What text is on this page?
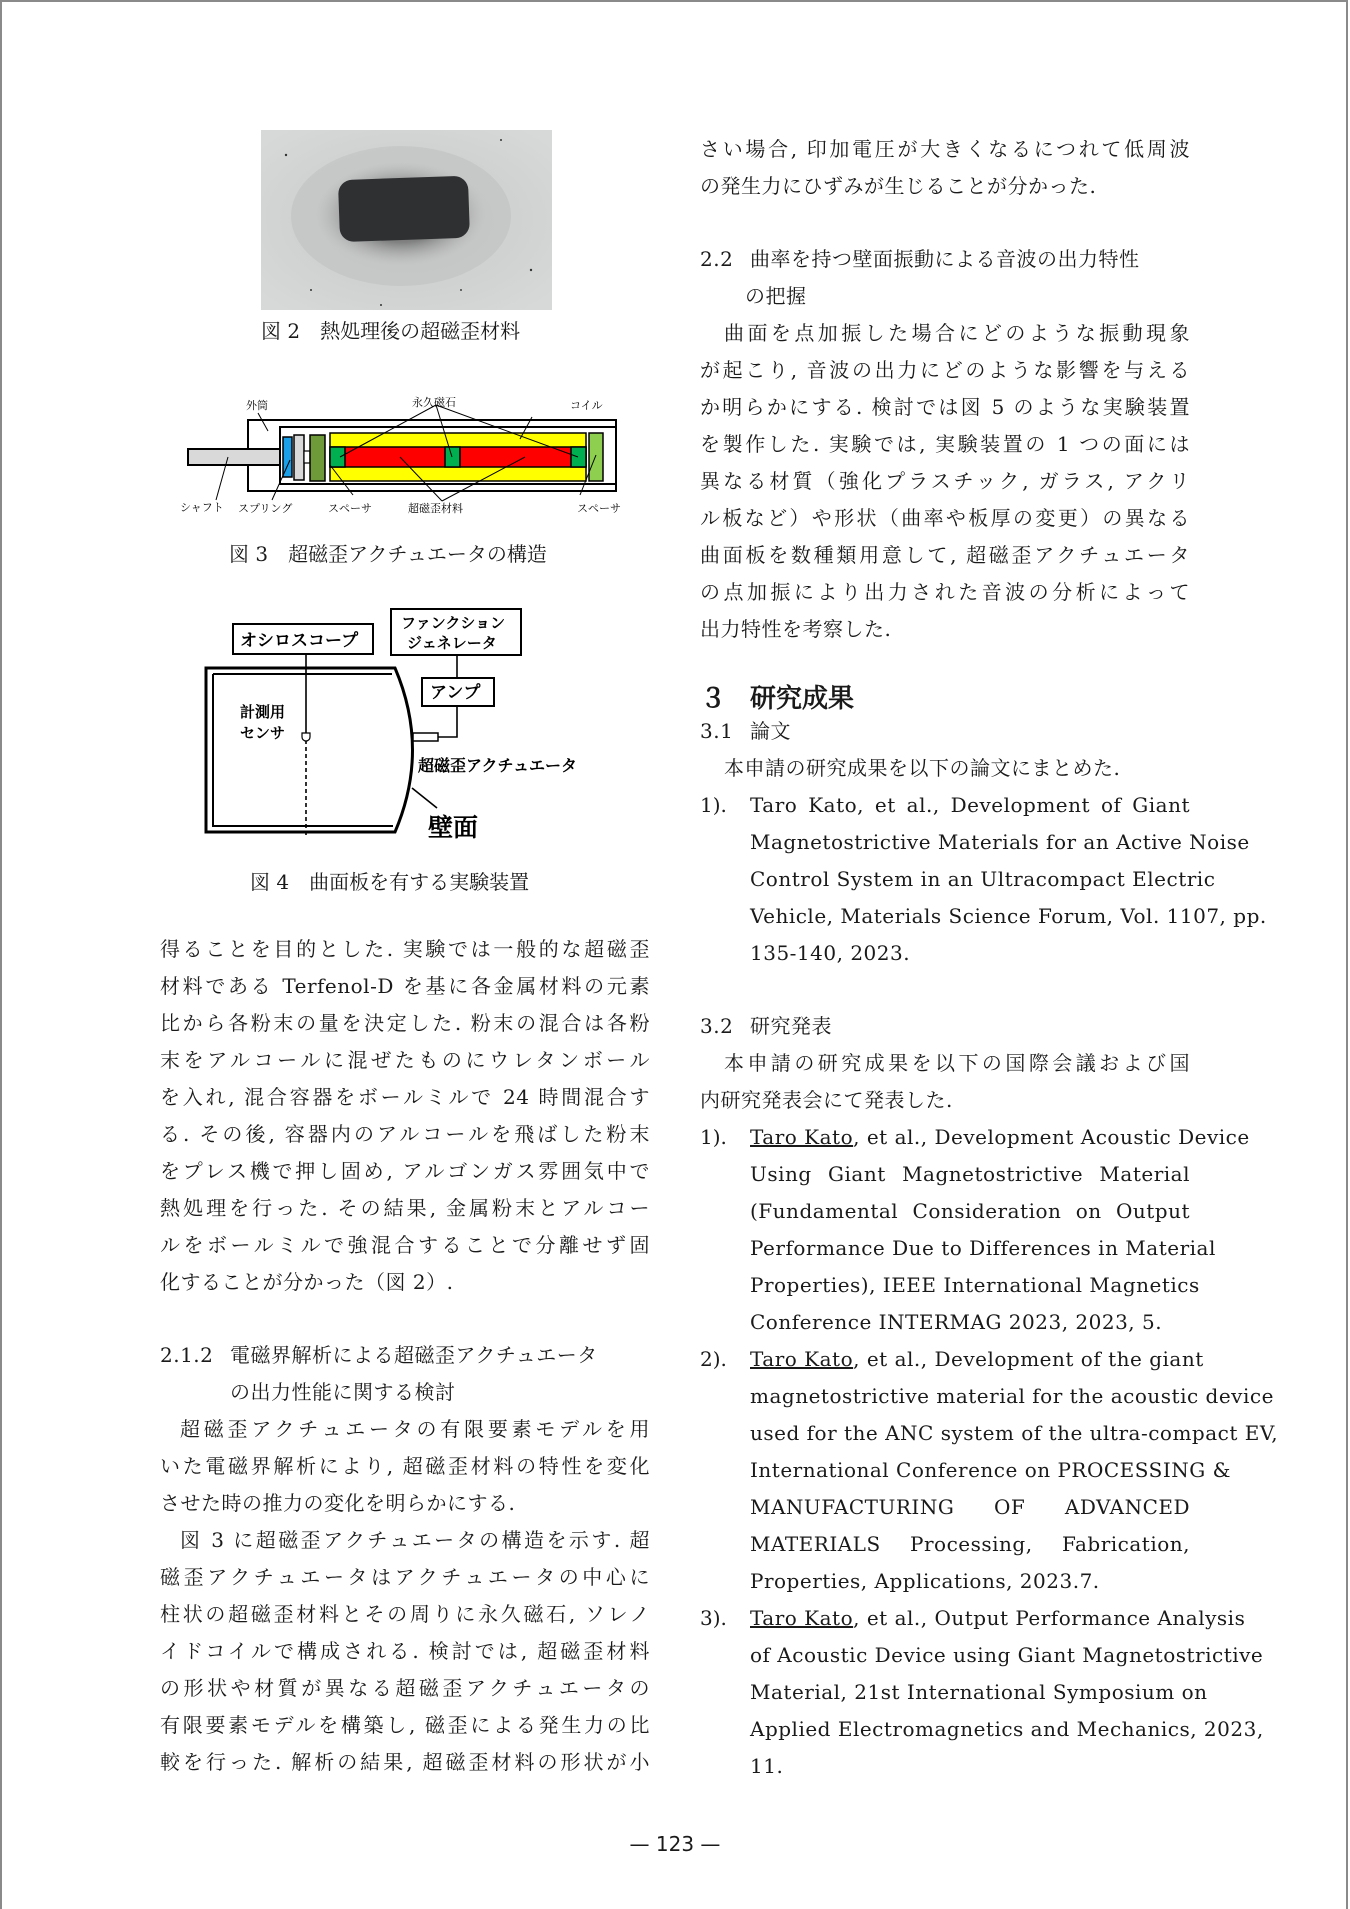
図 2　熱処理後の超磁歪材料
外筒	永久磁石	コイル
シャフト スプリング	スペーサ	超磁歪材料	スペーサ
図 3　超磁歪アクチュエータの構造
オシロスコープ
ファンクション
ジェネレータ
アンプ
計測用
センサ
超磁歪アクチュエータ
壁面
図 4　曲面板を有する実験装置
得ることを目的とした. 実験では一般的な超磁歪
材料である Terfenol-D を基に各金属材料の元素
比から各粉末の量を決定した. 粉末の混合は各粉
末をアルコールに混ぜたものにウレタンボール
を入れ, 混合容器をボールミルで 24 時間混合す
る. その後, 容器内のアルコールを飛ばした粉末
をプレス機で押し固め, アルゴンガス雰囲気中で
熱処理を行った. その結果, 金属粉末とアルコー
ルをボールミルで強混合することで分離せず固
化することが分かった（図 2）.
2.1.2 電磁界解析による超磁歪アクチュエータ
の出力性能に関する検討
超磁歪アクチュエータの有限要素モデルを用
いた電磁界解析により, 超磁歪材料の特性を変化
させた時の推力の変化を明らかにする.
図 3 に超磁歪アクチュエータの構造を示す. 超
磁歪アクチュエータはアクチュエータの中心に
柱状の超磁歪材料とその周りに永久磁石, ソレノ
イドコイルで構成される. 検討では, 超磁歪材料
の形状や材質が異なる超磁歪アクチュエータの
有限要素モデルを構築し, 磁歪による発生力の比
較を行った. 解析の結果, 超磁歪材料の形状が小
さい場合, 印加電圧が大きくなるにつれて低周波
の発生力にひずみが生じることが分かった.
2.2 曲率を持つ壁面振動による音波の出力特性
の把握
曲面を点加振した場合にどのような振動現象
が起こり, 音波の出力にどのような影響を与える
か明らかにする. 検討では図 5 のような実験装置
を製作した. 実験では, 実験装置の 1 つの面には
異なる材質（強化プラスチック, ガラス, アクリ
ル板など）や形状（曲率や板厚の変更）の異なる
曲面板を数種類用意して, 超磁歪アクチュエータ
の点加振により出力された音波の分析によって
出力特性を考察した.
３ 研究成果
3.1 論文
本申請の研究成果を以下の論文にまとめた.
1). Taro Kato, et al., Development of Giant
Magnetostrictive Materials for an Active Noise
Control System in an Ultracompact Electric
Vehicle, Materials Science Forum, Vol. 1107, pp.
135-140, 2023.
3.2 研究発表
本申請の研究成果を以下の国際会議および国
内研究発表会にて発表した.
1). Taro Kato, et al., Development Acoustic Device
Using Giant Magnetostrictive Material
(Fundamental Consideration on Output
Performance Due to Differences in Material
Properties), IEEE International Magnetics
Conference INTERMAG 2023, 2023, 5.
2). Taro Kato, et al., Development of the giant
magnetostrictive material for the acoustic device
used for the ANC system of the ultra-compact EV,
International Conference on PROCESSING &
MANUFACTURING OF ADVANCED
MATERIALS Processing, Fabrication,
Properties, Applications, 2023.7.
3). Taro Kato, et al., Output Performance Analysis
of Acoustic Device using Giant Magnetostrictive
Material, 21st International Symposium on
Applied Electromagnetics and Mechanics, 2023,
11.
— 123 —
